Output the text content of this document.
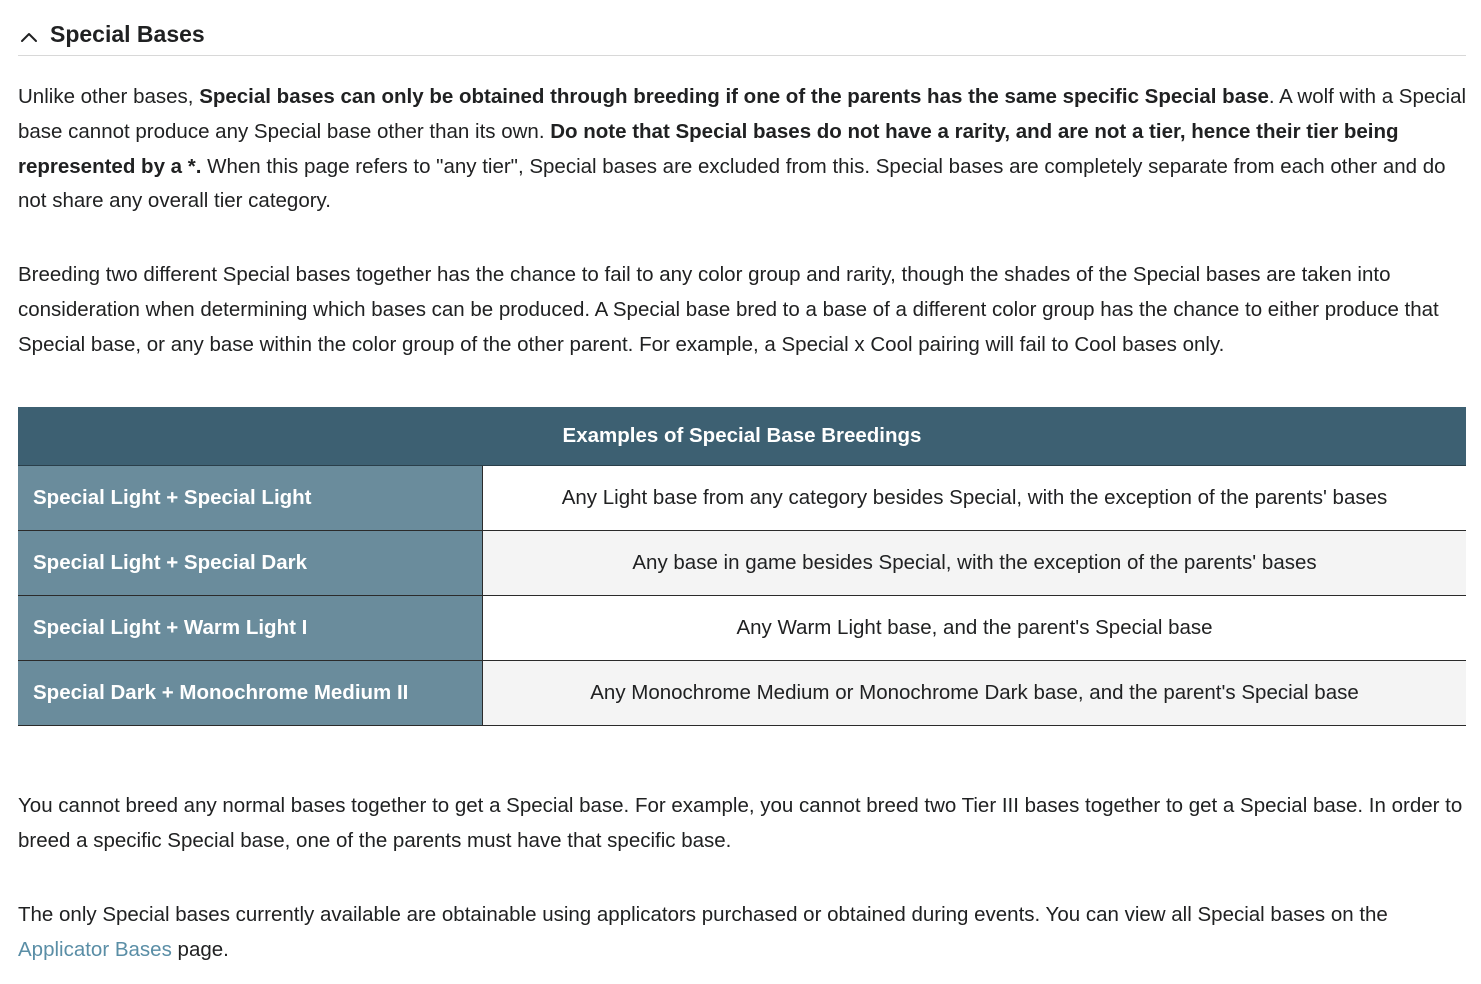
Special Bases

Unlike other bases, Special bases can only be obtained through breeding if one of the parents has the same specific Special base. A wolf with a Special base cannot produce any Special base other than its own. Do note that Special bases do not have a rarity, and are not a tier, hence their tier being represented by a *. When this page refers to "any tier", Special bases are excluded from this. Special bases are completely separate from each other and do not share any overall tier category.

Breeding two different Special bases together has the chance to fail to any color group and rarity, though the shades of the Special bases are taken into consideration when determining which bases can be produced. A Special base bred to a base of a different color group has the chance to either produce that Special base, or any base within the color group of the other parent. For example, a Special x Cool pairing will fail to Cool bases only.

Examples of Special Base Breedings	
Special Light + Special Light	Any Light base from any category besides Special, with the exception of the parents' bases
Special Light + Special Dark	Any base in game besides Special, with the exception of the parents' bases
Special Light + Warm Light I	Any Warm Light base, and the parent's Special base
Special Dark + Monochrome Medium II	Any Monochrome Medium or Monochrome Dark base, and the parent's Special base

You cannot breed any normal bases together to get a Special base. For example, you cannot breed two Tier III bases together to get a Special base. In order to breed a specific Special base, one of the parents must have that specific base.

The only Special bases currently available are obtainable using applicators purchased or obtained during events. You can view all Special bases on the Applicator Bases page.
